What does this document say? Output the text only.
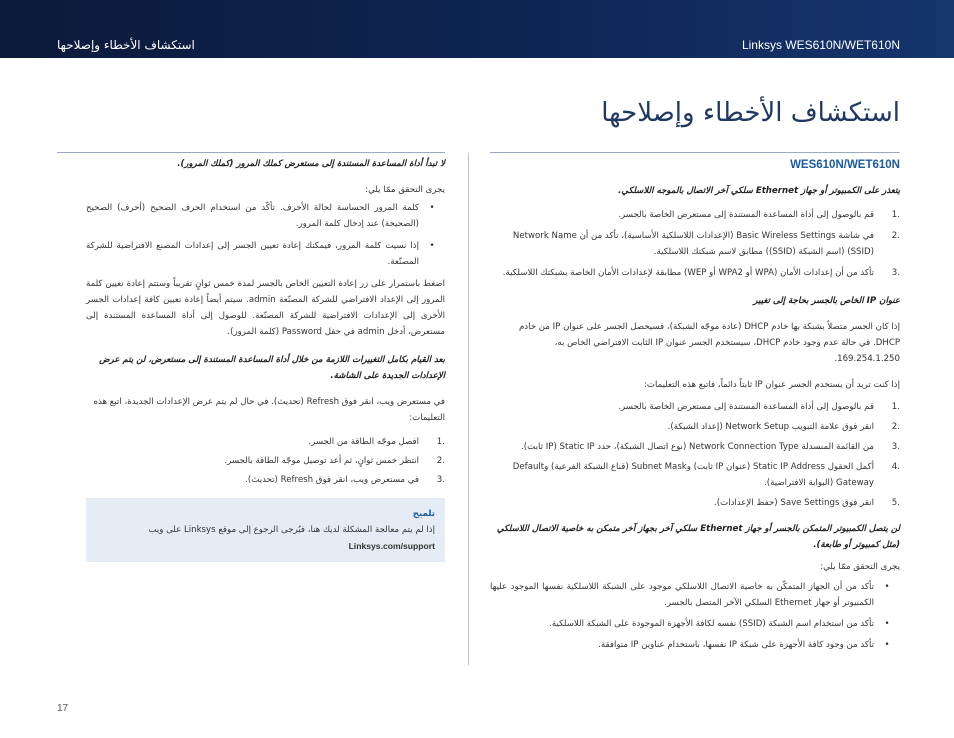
Linksys WES610N/WET610N
استكشاف الأخطاء وإصلاحها
استكشاف الأخطاء وإصلاحها

WES610N/WET610N

يتعذر على الكمبيوتر أو جهاز Ethernet سلكي آخر الاتصال بالموجه اللاسلكي.

.1
قم بالوصول إلى أداة المساعدة المستندة إلى مستعرض الخاصة بالجسر.
.2
في شاشة Basic Wireless Settings (الإعدادات اللاسلكية الأساسية)، تأكد من أن Network Name (SSID) (اسم الشبكة (SSID)) مطابق لاسم شبكتك اللاسلكية.
.3
تأكد من أن إعدادات الأمان (WPA أو WPA2 أو WEP) مطابقة لإعدادات الأمان الخاصة بشبكتك اللاسلكية.

عنوان IP الخاص بالجسر بحاجة إلى تغيير

إذا كان الجسر متصلاً بشبكة بها خادم DHCP (عادة موجّه الشبكة)، فسيحصل الجسر على عنوان IP من خادم DHCP. في حالة عدم وجود خادم DHCP، سيستخدم الجسر عنوان IP الثابت الافتراضي الخاص به، 169.254.1.250.

إذا كنت تريد أن يستخدم الجسر عنوان IP ثابتاً دائماً، فاتبع هذه التعليمات:

.1
قم بالوصول إلى أداة المساعدة المستندة إلى مستعرض الخاصة بالجسر.
.2
انقر فوق علامة التبويب Network Setup (إعداد الشبكة).
.3
من القائمة المنسدلة Network Connection Type (نوع اتصال الشبكة)، حدد Static IP (IP ثابت).
.4
أكمل الحقول Static IP Address (عنوان IP ثابت) وSubnet Mask (قناع الشبكة الفرعية) وDefault Gateway (البوابة الافتراضية).
.5
انقر فوق Save Settings (حفظ الإعدادات).

لن يتصل الكمبيوتر المتمكن بالجسر أو جهاز Ethernet سلكي آخر بجهاز آخر متمكن به خاصية الاتصال اللاسلكي (مثل كمبيوتر أو طابعة).

يجرى التحقق ممّا يلي:

•
تأكد من أن الجهاز المتمكّن به خاصية الاتصال اللاسلكي موجود على الشبكة اللاسلكية نفسها الموجود عليها الكمبيوتر أو جهاز Ethernet السلكي الآخر المتصل بالجسر.
•
تأكد من استخدام اسم الشبكة (SSID) نفسه لكافة الأجهزة الموجودة على الشبكة اللاسلكية.
•
تأكد من وجود كافة الأجهزة على شبكة IP نفسها، باستخدام عناوين IP متوافقة.

لا تبدأ أداة المساعدة المستندة إلى مستعرض كملك المرور (كملك المرور).

يجرى التحقق ممّا يلي:

•
كلمة المرور الحساسة لحالة الأحرف. تأكّد من استخدام الحرف الصحيح (أحرف) الصحيح (الصحيحة) عند إدخال كلمة المرور.
•
إذا نسيت كلمة المرور، فيمكنك إعادة تعيين الجسر إلى إعدادات المصنع الافتراضية للشركة المصنّعة.

اضغط باستمرار على زر إعادة التعيين الخاص بالجسر لمدة خمس ثوانٍ تقريباً وستتم إعادة تعيين كلمة المرور إلى الإعداد الافتراضي للشركة المصنّعة admin. سيتم أيضاً إعادة تعيين كافة إعدادات الجسر الأخرى إلى الإعدادات الافتراضية للشركة المصنّعة. للوصول إلى أداة المساعدة المستندة إلى مستعرض، أدخل admin في حقل Password (كلمة المرور).

بعد القيام بكامل التغييرات اللازمة من خلال أداة المساعدة المستندة إلى مستعرض، لن يتم عرض الإعدادات الجديدة على الشاشة.

في مستعرض ويب، انقر فوق Refresh (تحديث). في حال لم يتم عرض الإعدادات الجديدة، اتبع هذه التعليمات:

.1
افصل موجّه الطاقة من الجسر.
.2
انتظر خمس ثوانٍ، ثم أعد توصيل موجّه الطاقة بالجسر.
.3
في مستعرض ويب، انقر فوق Refresh (تحديث).

تلميح

إذا لم يتم معالجة المشكلة لديك هنا، فيُرجى الرجوع إلى موقع Linksys على ويب

Linksys.com/support

17
